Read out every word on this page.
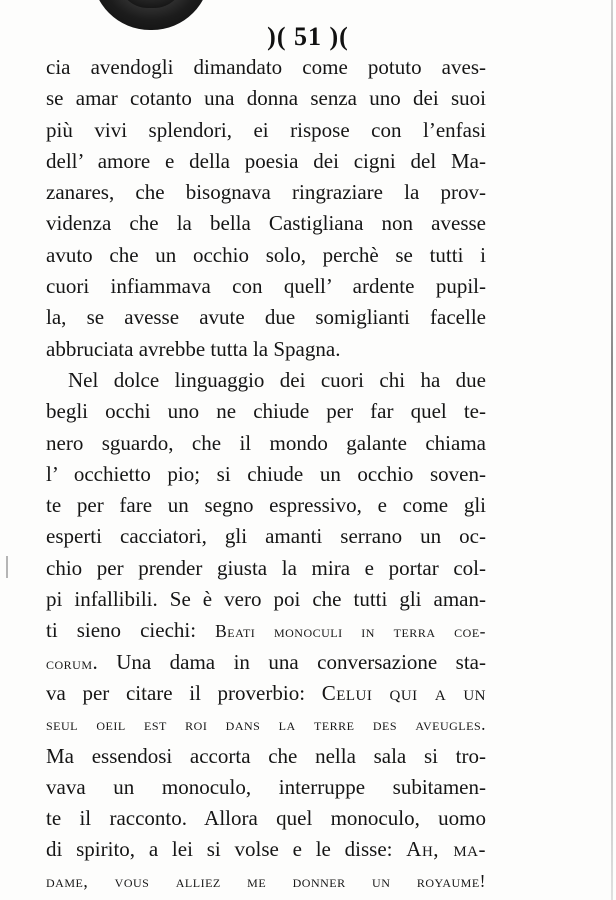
)( 51 )(
cia avendogli dimandato come potuto aves-
se amar cotanto una donna senza uno dei suoi
più vivi splendori, ei rispose con l’enfasi
dell’ amore e della poesia dei cigni del Ma-
zanares, che bisognava ringraziare la prov-
videnza che la bella Castigliana non avesse
avuto che un occhio solo, perchè se tutti i
cuori infiammava con quell’ ardente pupil-
la, se avesse avute due somiglianti facelle
abbruciata avrebbe tutta la Spagna.
Nel dolce linguaggio dei cuori chi ha due
begli occhi uno ne chiude per far quel te-
nero sguardo, che il mondo galante chiama
l’ occhietto pio; si chiude un occhio soven-
te per fare un segno espressivo, e come gli
esperti cacciatori, gli amanti serrano un oc-
chio per prender giusta la mira e portar col-
pi infallibili. Se è vero poi che tutti gli aman-
ti sieno ciechi: Beati monoculi in terra coe-
corum. Una dama in una conversazione sta-
va per citare il proverbio: Celui qui a un
seul oeil est roi dans la terre des aveugles.
Ma essendosi accorta che nella sala si tro-
vava un monoculo, interruppe subitamen-
te il racconto. Allora quel monoculo, uomo
di spirito, a lei si volse e le disse: Ah, ma-
dame, vous alliez me donner un royaume!
